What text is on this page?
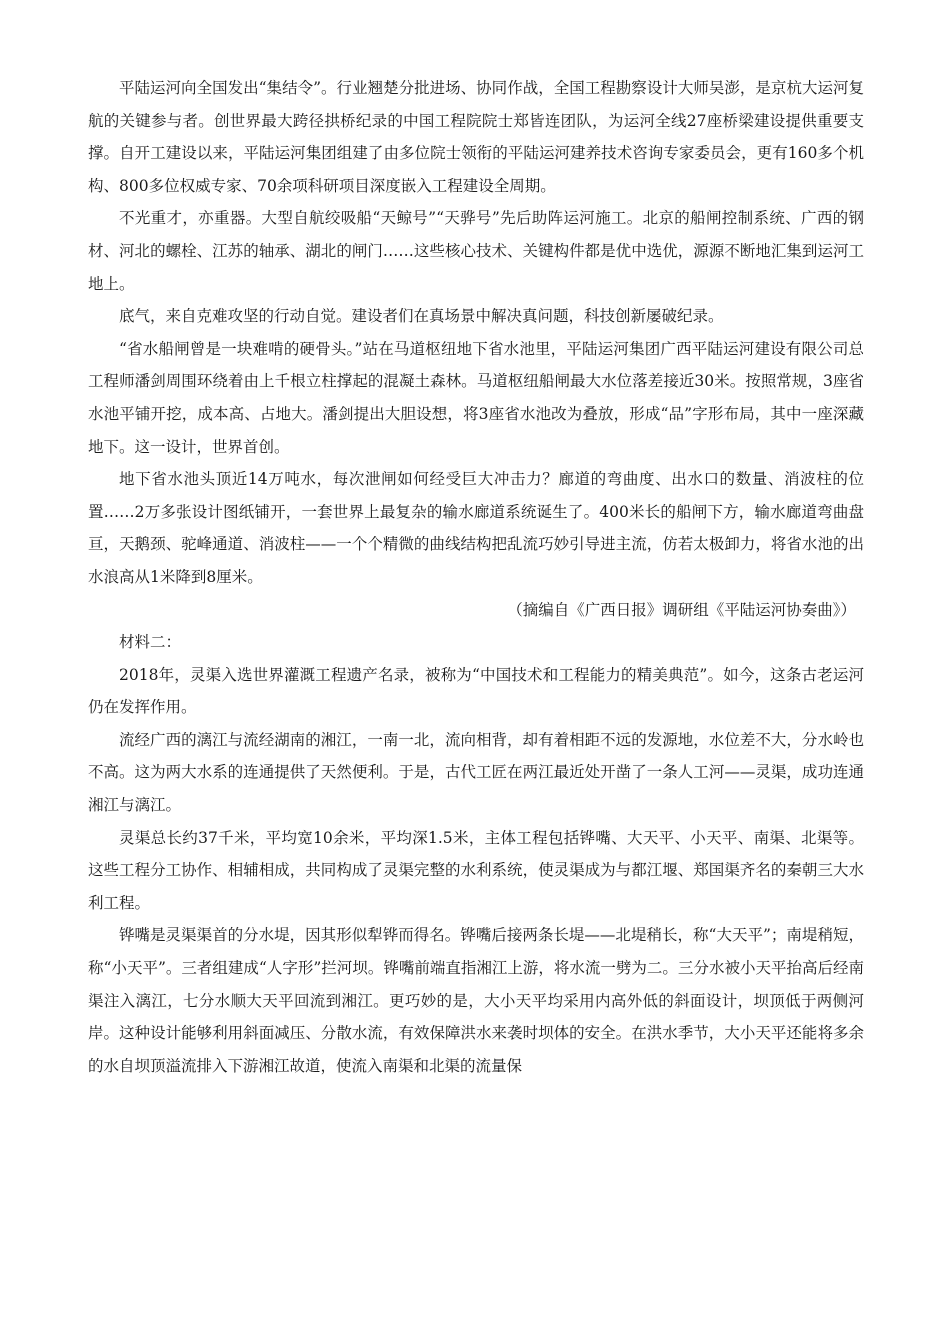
平陆运河向全国发出“集结令”。行业翘楚分批进场、协同作战，全国工程勘察设计大师吴澎，是京杭大运河复航的关键参与者。创世界最大跨径拱桥纪录的中国工程院院士郑皆连团队，为运河全线27座桥梁建设提供重要支撑。自开工建设以来，平陆运河集团组建了由多位院士领衔的平陆运河建养技术咨询专家委员会，更有160多个机构、800多位权威专家、70余项科研项目深度嵌入工程建设全周期。

不光重才，亦重器。大型自航绞吸船“天鲸号”“天骅号”先后助阵运河施工。北京的船闸控制系统、广西的钢材、河北的螺栓、江苏的轴承、湖北的闸门……这些核心技术、关键构件都是优中选优，源源不断地汇集到运河工地上。

底气，来自克难攻坚的行动自觉。建设者们在真场景中解决真问题，科技创新屡破纪录。

“省水船闸曾是一块难啃的硬骨头。”站在马道枢纽地下省水池里，平陆运河集团广西平陆运河建设有限公司总工程师潘剑周围环绕着由上千根立柱撑起的混凝土森林。马道枢纽船闸最大水位落差接近30米。按照常规，3座省水池平铺开挖，成本高、占地大。潘剑提出大胆设想，将3座省水池改为叠放，形成“品”字形布局，其中一座深藏地下。这一设计，世界首创。

地下省水池头顶近14万吨水，每次泄闸如何经受巨大冲击力？廊道的弯曲度、出水口的数量、消波柱的位置……2万多张设计图纸铺开，一套世界上最复杂的输水廊道系统诞生了。400米长的船闸下方，输水廊道弯曲盘亘，天鹅颈、驼峰通道、消波柱——一个个精微的曲线结构把乱流巧妙引导进主流，仿若太极卸力，将省水池的出水浪高从1米降到8厘米。

（摘编自《广西日报》调研组《平陆运河协奏曲》）

材料二：

2018年，灵渠入选世界灌溉工程遗产名录，被称为“中国技术和工程能力的精美典范”。如今，这条古老运河仍在发挥作用。

流经广西的漓江与流经湖南的湘江，一南一北，流向相背，却有着相距不远的发源地，水位差不大，分水岭也不高。这为两大水系的连通提供了天然便利。于是，古代工匠在两江最近处开凿了一条人工河——灵渠，成功连通湘江与漓江。

灵渠总长约37千米，平均宽10余米，平均深1.5米，主体工程包括铧嘴、大天平、小天平、南渠、北渠等。这些工程分工协作、相辅相成，共同构成了灵渠完整的水利系统，使灵渠成为与都江堰、郑国渠齐名的秦朝三大水利工程。

铧嘴是灵渠渠首的分水堤，因其形似犁铧而得名。铧嘴后接两条长堤——北堤稍长，称“大天平”；南堤稍短，称“小天平”。三者组建成“人字形”拦河坝。铧嘴前端直指湘江上游，将水流一劈为二。三分水被小天平抬高后经南渠注入漓江，七分水顺大天平回流到湘江。更巧妙的是，大小天平均采用内高外低的斜面设计，坝顶低于两侧河岸。这种设计能够利用斜面减压、分散水流，有效保障洪水来袭时坝体的安全。在洪水季节，大小天平还能将多余的水自坝顶溢流排入下游湘江故道，使流入南渠和北渠的流量保
